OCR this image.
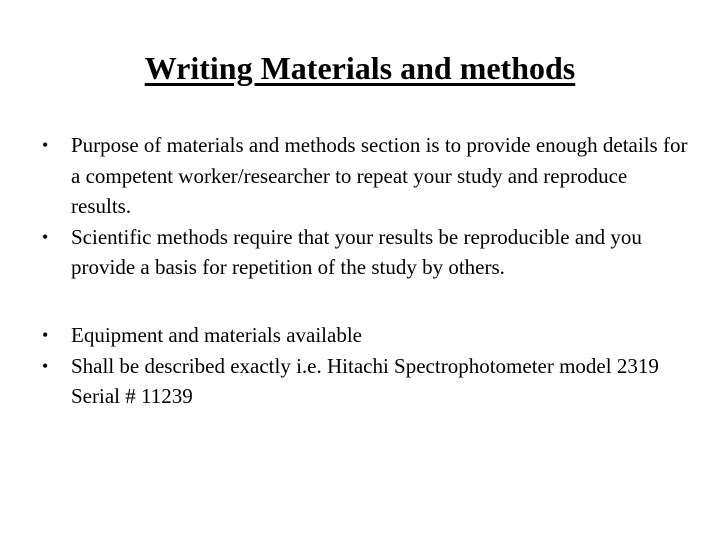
Writing Materials and methods
•	Purpose of materials and methods section is to provide enough details for a competent worker/researcher to repeat your study and reproduce results.
•	Scientific methods require that your results be reproducible and you provide a basis for repetition of the study by others.
•	Equipment and materials available
•	Shall be described exactly i.e. Hitachi Spectrophotometer model 2319 Serial # 11239
